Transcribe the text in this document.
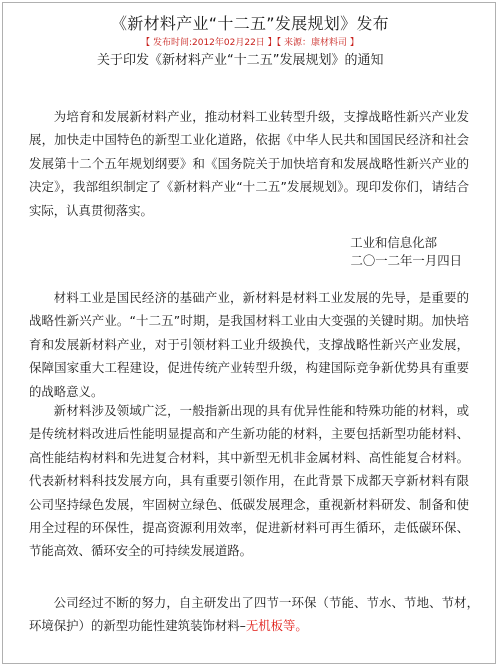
《新材料产业“十二五”发展规划》发布
【 发布时间:2012年02月22日 】【 来源：康材料司 】
关于印发《新材料产业“十二五”发展规划》的通知

为培育和发展新材料产业，推动材料工业转型升级，支撑战略性新兴产业发展，加快走中国特色的新型工业化道路，依据《中华人民共和国国民经济和社会发展第十二个五年规划纲要》和《国务院关于加快培育和发展战略性新兴产业的决定》，我部组织制定了《新材料产业“十二五”发展规划》。现印发你们，请结合实际，认真贯彻落实。

工业和信息化部
二〇一二年一月四日

材料工业是国民经济的基础产业，新材料是材料工业发展的先导，是重要的战略性新兴产业。“十二五”时期，是我国材料工业由大变强的关键时期。加快培育和发展新材料产业，对于引领材料工业升级换代，支撑战略性新兴产业发展，保障国家重大工程建设，促进传统产业转型升级，构建国际竞争新优势具有重要的战略意义。

新材料涉及领域广泛，一般指新出现的具有优异性能和特殊功能的材料，或是传统材料改进后性能明显提高和产生新功能的材料，主要包括新型功能材料、高性能结构材料和先进复合材料，其中新型无机非金属材料、高性能复合材料。代表新材料科技发展方向，具有重要引领作用，在此背景下成都天亨新材料有限公司坚持绿色发展，牢固树立绿色、低碳发展理念，重视新材料研发、制备和使用全过程的环保性，提高资源利用效率，促进新材料可再生循环，走低碳环保、节能高效、循环安全的可持续发展道路。

公司经过不断的努力，自主研发出了四节一环保（节能、节水、节地、节材，环境保护）的新型功能性建筑装饰材料–无机板等。
